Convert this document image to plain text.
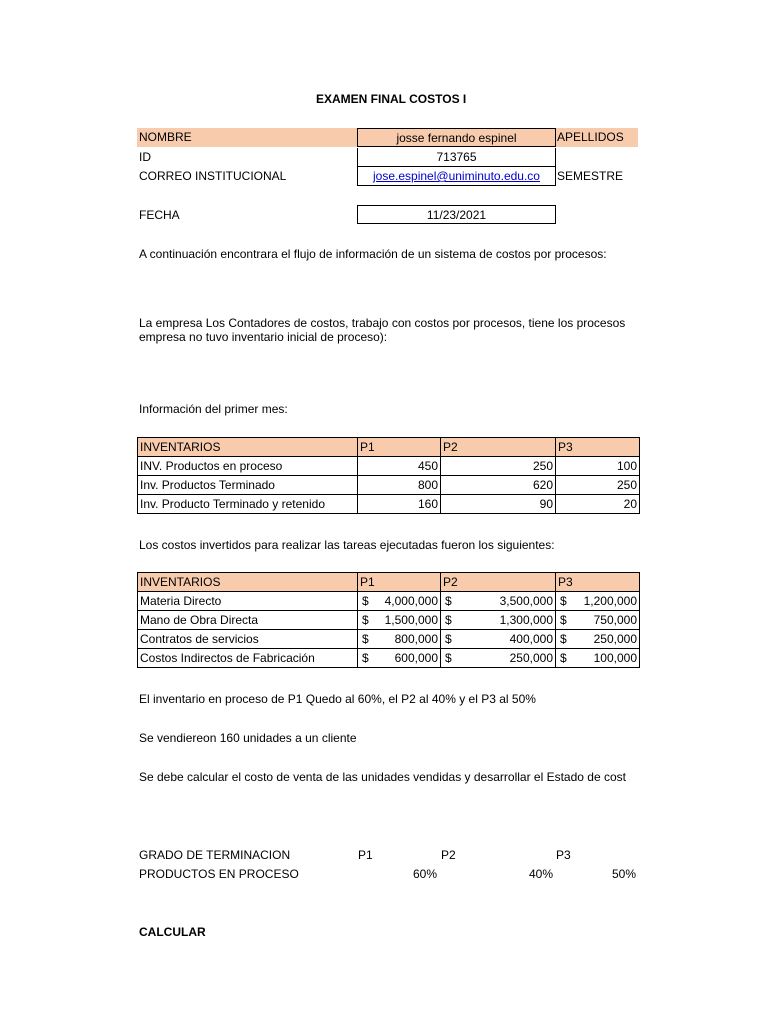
EXAMEN FINAL COSTOS I
NOMBRE	josse fernando espinel	APELLIDOS
ID	713765
CORREO INSTITUCIONAL	jose.espinel@uniminuto.edu.co	SEMESTRE
FECHA	11/23/2021
A continuación encontrara el flujo de información de un sistema de costos por procesos:
La empresa Los Contadores de costos, trabajo con costos por procesos, tiene los procesos
empresa no tuvo inventario inicial de proceso):
Información del primer mes:
INVENTARIOS	P1	P2	P3
INV. Productos en proceso	450	250	100
Inv. Productos Terminado	800	620	250
Inv. Producto Terminado y retenido	160	90	20
Los costos invertidos para realizar las tareas ejecutadas fueron los siguientes:
INVENTARIOS	P1	P2	P3
Materia Directo	$ 4,000,000	$ 3,500,000	$ 1,200,000

Mano de Obra Directa	$ 1,500,000	$ 1,300,000	$ 750,000

Contratos de servicios	$ 800,000	$ 400,000	$ 250,000

Costos Indirectos de Fabricación	$ 600,000	$ 250,000	$ 100,000
El inventario en proceso de P1 Quedo al 60%, el P2 al 40% y el P3 al 50%
Se vendiereon 160 unidades a un cliente
Se debe calcular el costo de venta de las unidades vendidas y desarrollar el Estado de cost
GRADO DE TERMINACION	P1	P2	P3
PRODUCTOS EN PROCESO	60%	40%	50%
CALCULAR
